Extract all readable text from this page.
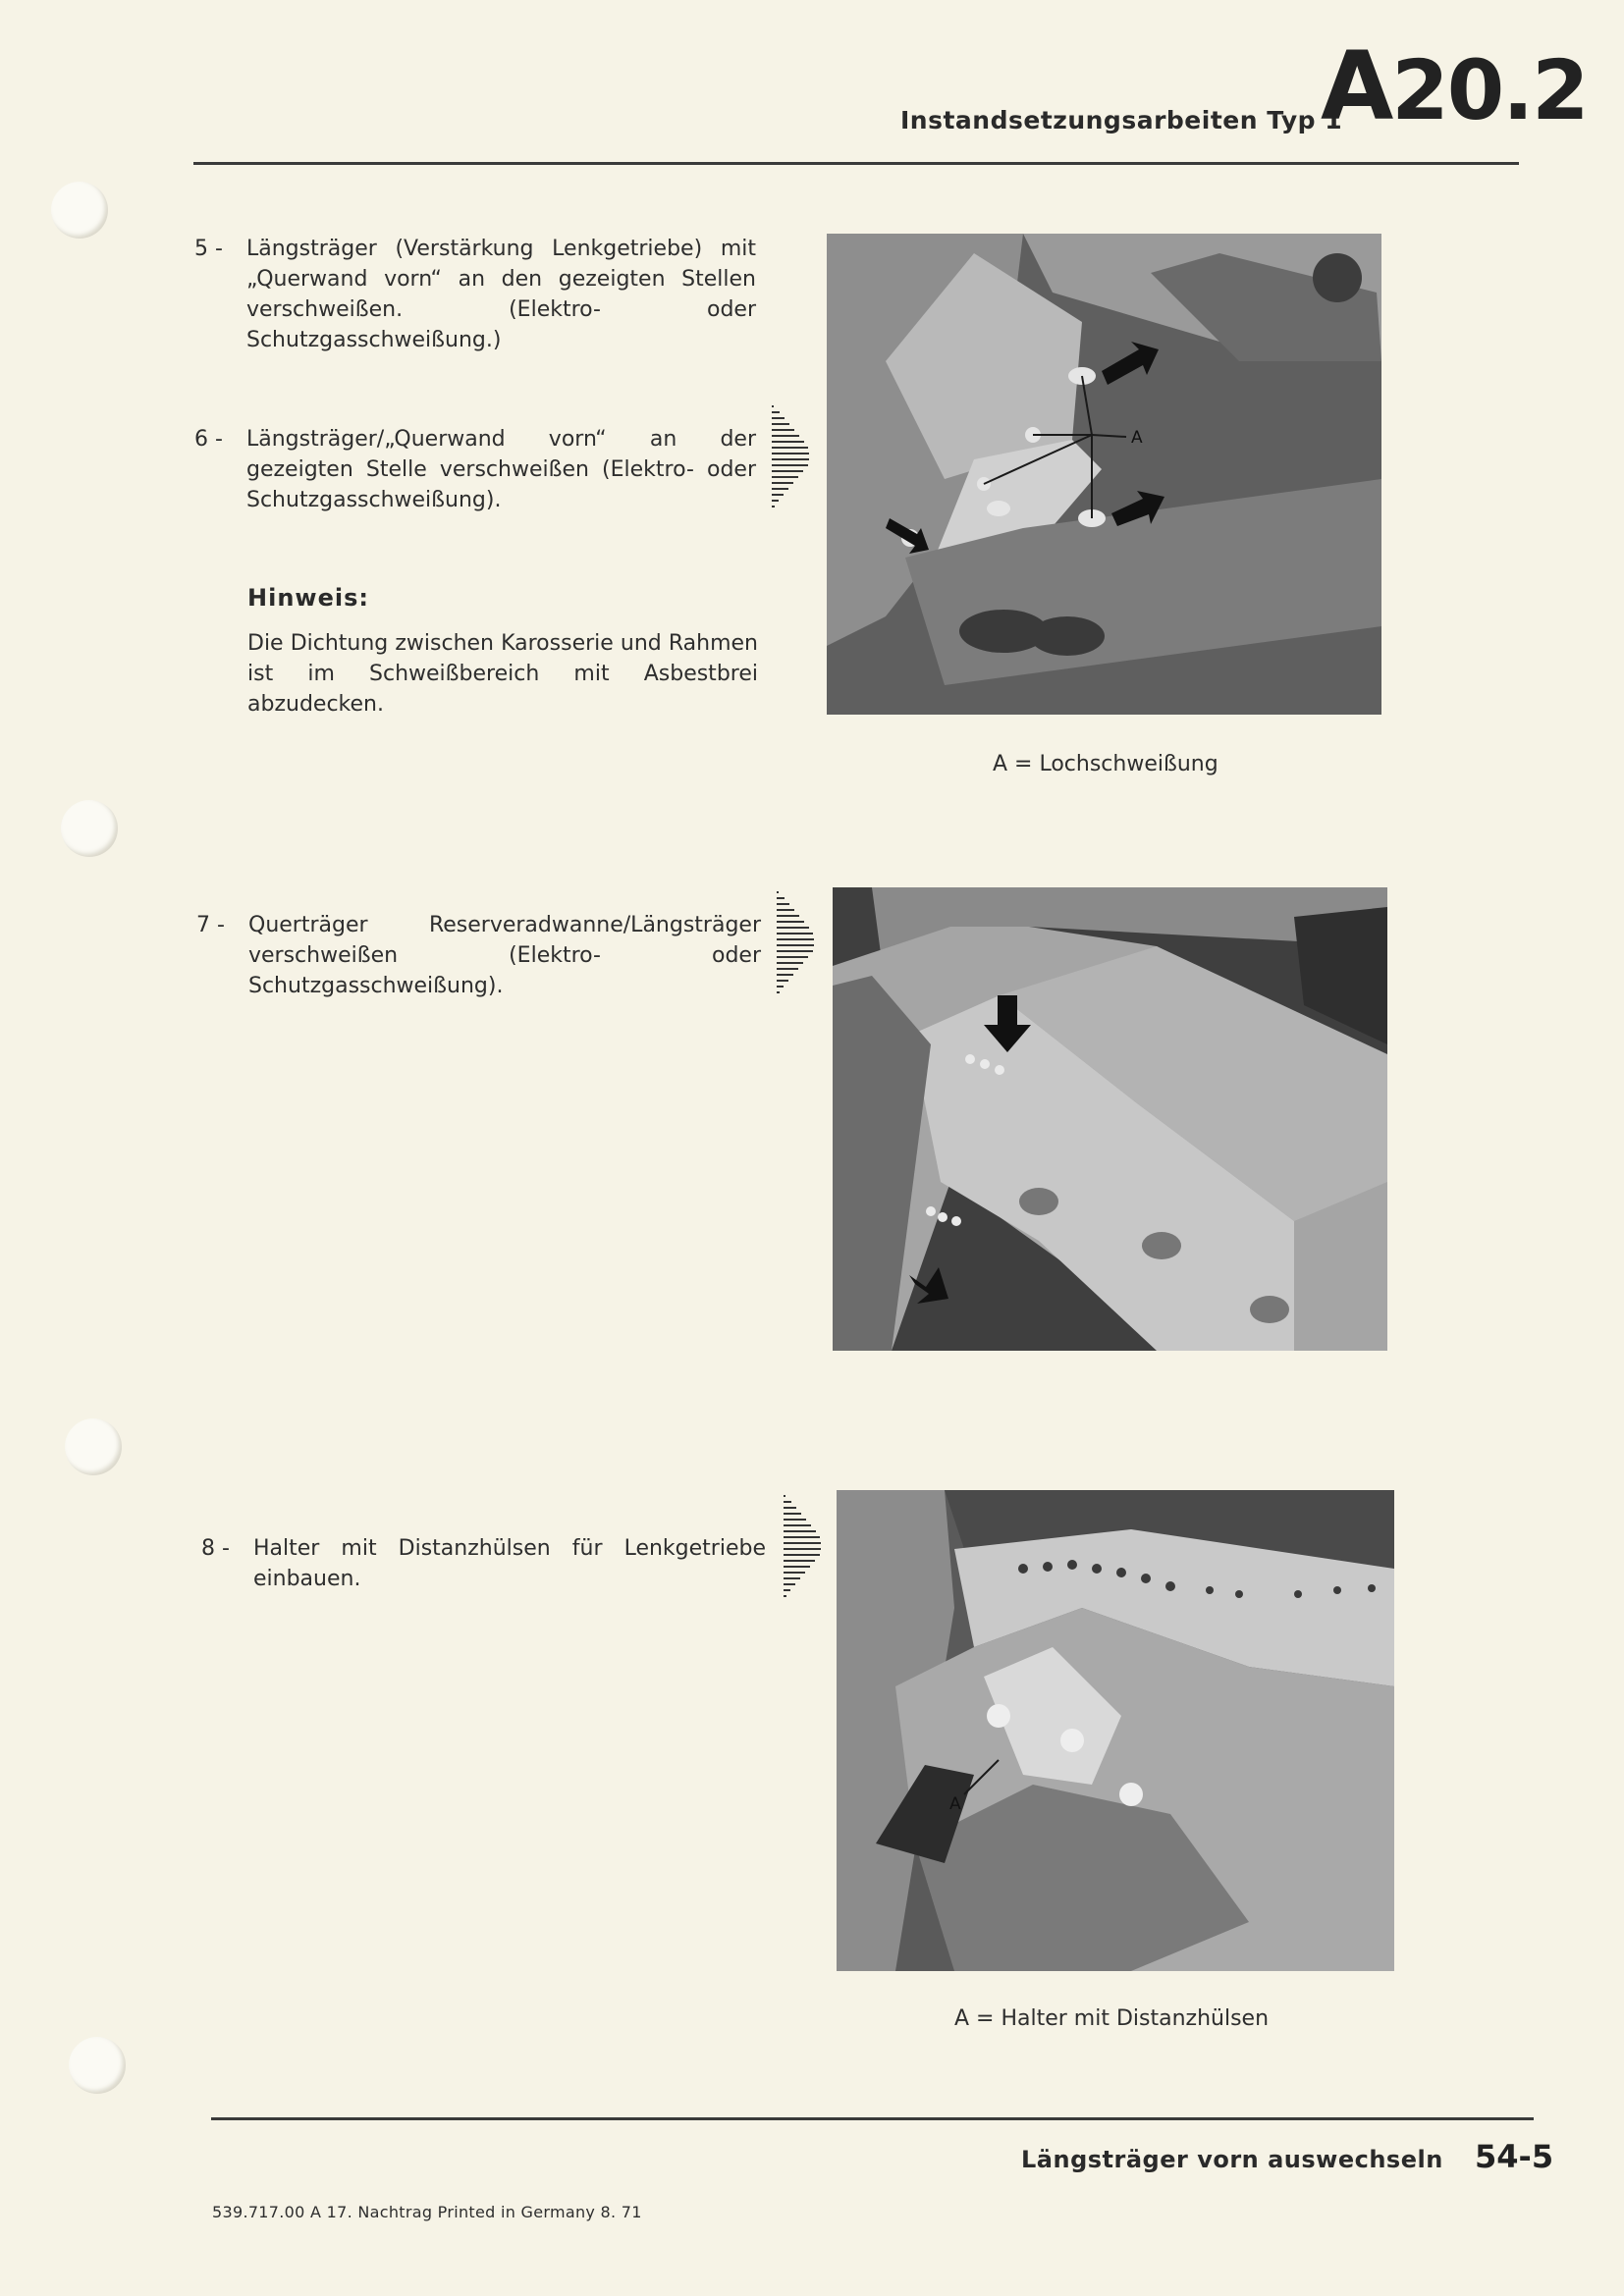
Instandsetzungsarbeiten Typ 1
A20.2
5 - Längsträger (Verstärkung Lenkgetriebe) mit „Querwand vorn“ an den gezeigten Stellen verschweißen. (Elektro- oder Schutzgasschweißung.)
6 - Längsträger/„Querwand vorn“ an der gezeigten Stelle verschweißen (Elektro- oder Schutzgasschweißung).
Hinweis:
Die Dichtung zwischen Karosserie und Rahmen ist im Schweißbereich mit Asbestbrei abzudecken.
A
A = Lochschweißung
7 - Querträger Reserveradwanne/Längsträger verschweißen (Elektro- oder Schutzgasschweißung).
8 - Halter mit Distanzhülsen für Lenkgetriebe einbauen.
A
A = Halter mit Distanzhülsen
Längsträger vorn auswechseln 54-5
539.717.00 A 17. Nachtrag Printed in Germany 8. 71
